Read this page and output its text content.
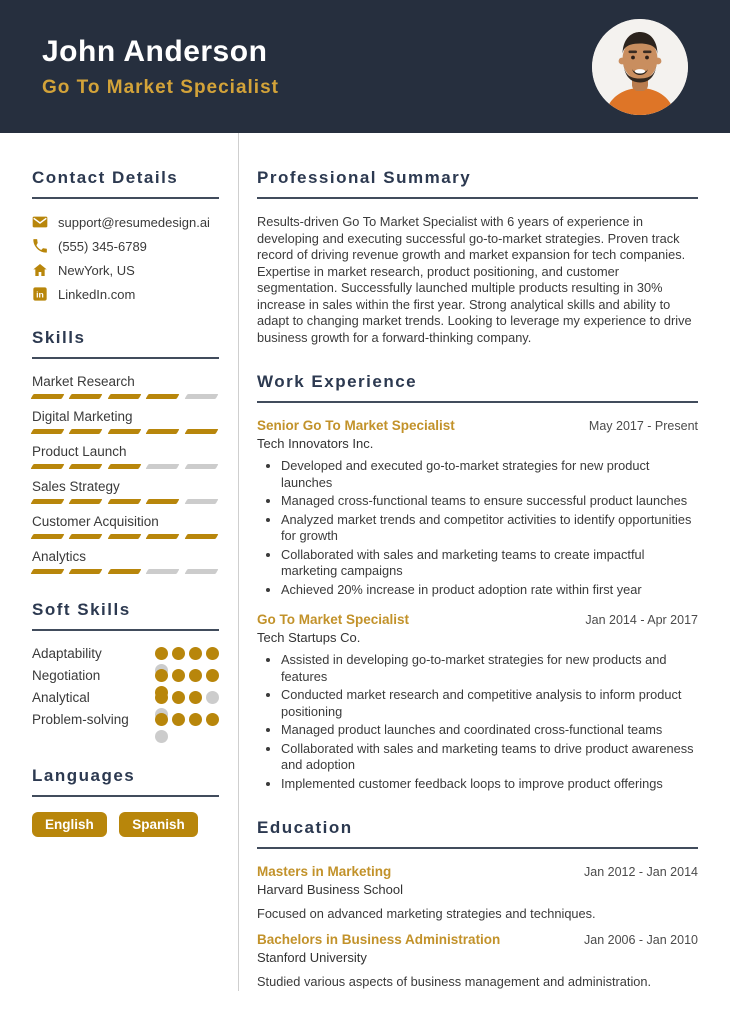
John Anderson
Go To Market Specialist
Contact Details
support@resumedesign.ai
(555) 345-6789
NewYork, US
in LinkedIn.com
Skills
Market Research
Digital Marketing
Product Launch
Sales Strategy
Customer Acquisition
Analytics
Soft Skills
Adaptability
Negotiation
Analytical
Problem-solving
Languages
English	Spanish
Professional Summary

Results-driven Go To Market Specialist with 6 years of experience in developing and executing successful go-to-market strategies. Proven track record of driving revenue growth and market expansion for tech companies. Expertise in market research, product positioning, and customer segmentation. Successfully launched multiple products resulting in 30% increase in sales within the first year. Strong analytical skills and ability to adapt to changing market trends. Looking to leverage my experience to drive business growth for a forward-thinking company.

Work Experience
Senior Go To Market Specialist	May 2017 - Present
Tech Innovators Inc.
• Developed and executed go-to-market strategies for new product launches
• Managed cross-functional teams to ensure successful product launches
• Analyzed market trends and competitor activities to identify opportunities for growth
• Collaborated with sales and marketing teams to create impactful marketing campaigns
• Achieved 20% increase in product adoption rate within first year
Go To Market Specialist	Jan 2014 - Apr 2017
Tech Startups Co.
• Assisted in developing go-to-market strategies for new products and features
• Conducted market research and competitive analysis to inform product positioning
• Managed product launches and coordinated cross-functional teams
• Collaborated with sales and marketing teams to drive product awareness and adoption
• Implemented customer feedback loops to improve product offerings
Education
Masters in Marketing	Jan 2012 - Jan 2014
Harvard Business School
Focused on advanced marketing strategies and techniques.
Bachelors in Business Administration	Jan 2006 - Jan 2010
Stanford University
Studied various aspects of business management and administration.
